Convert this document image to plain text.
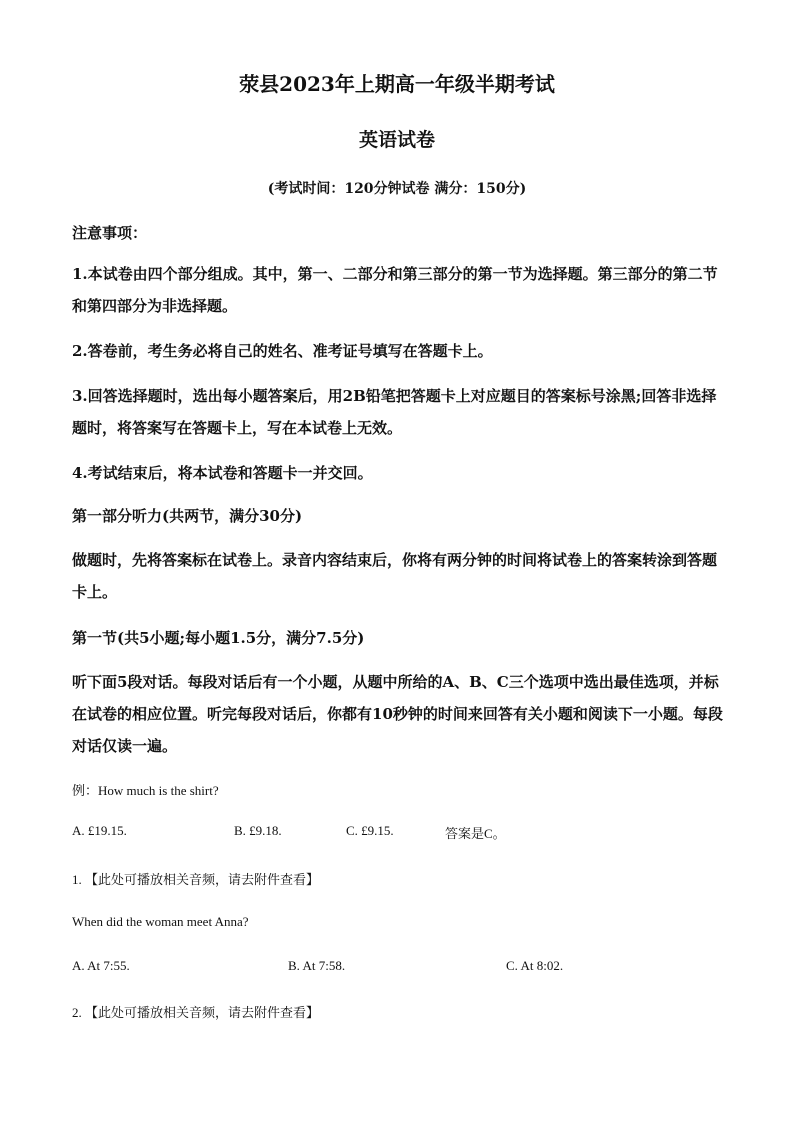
荥县2023年上期高一年级半期考试
英语试卷
(考试时间：120分钟试卷 满分：150分)
注意事项：
1.本试卷由四个部分组成。其中，第一、二部分和第三部分的第一节为选择题。第三部分的第二节和第四部分为非选择题。
2.答卷前，考生务必将自己的姓名、准考证号填写在答题卡上。
3.回答选择题时，选出每小题答案后，用2B铅笔把答题卡上对应题目的答案标号涂黑;回答非选择题时，将答案写在答题卡上，写在本试卷上无效。
4.考试结束后，将本试卷和答题卡一并交回。
第一部分听力(共两节，满分30分)
做题时，先将答案标在试卷上。录音内容结束后，你将有两分钟的时间将试卷上的答案转涂到答题卡上。
第一节(共5小题;每小题1.5分，满分7.5分)
听下面5段对话。每段对话后有一个小题，从题中所给的A、B、C三个选项中选出最佳选项，并标在试卷的相应位置。听完每段对话后，你都有10秒钟的时间来回答有关小题和阅读下一小题。每段对话仅读一遍。
例：How much is the shirt?
A. £19.15.	B. £9.18.	C. £9.15.	答案是C。
1. 【此处可播放相关音频，请去附件查看】
When did the woman meet Anna?
A. At 7:55.	B. At 7:58.	C. At 8:02.
2. 【此处可播放相关音频，请去附件查看】
